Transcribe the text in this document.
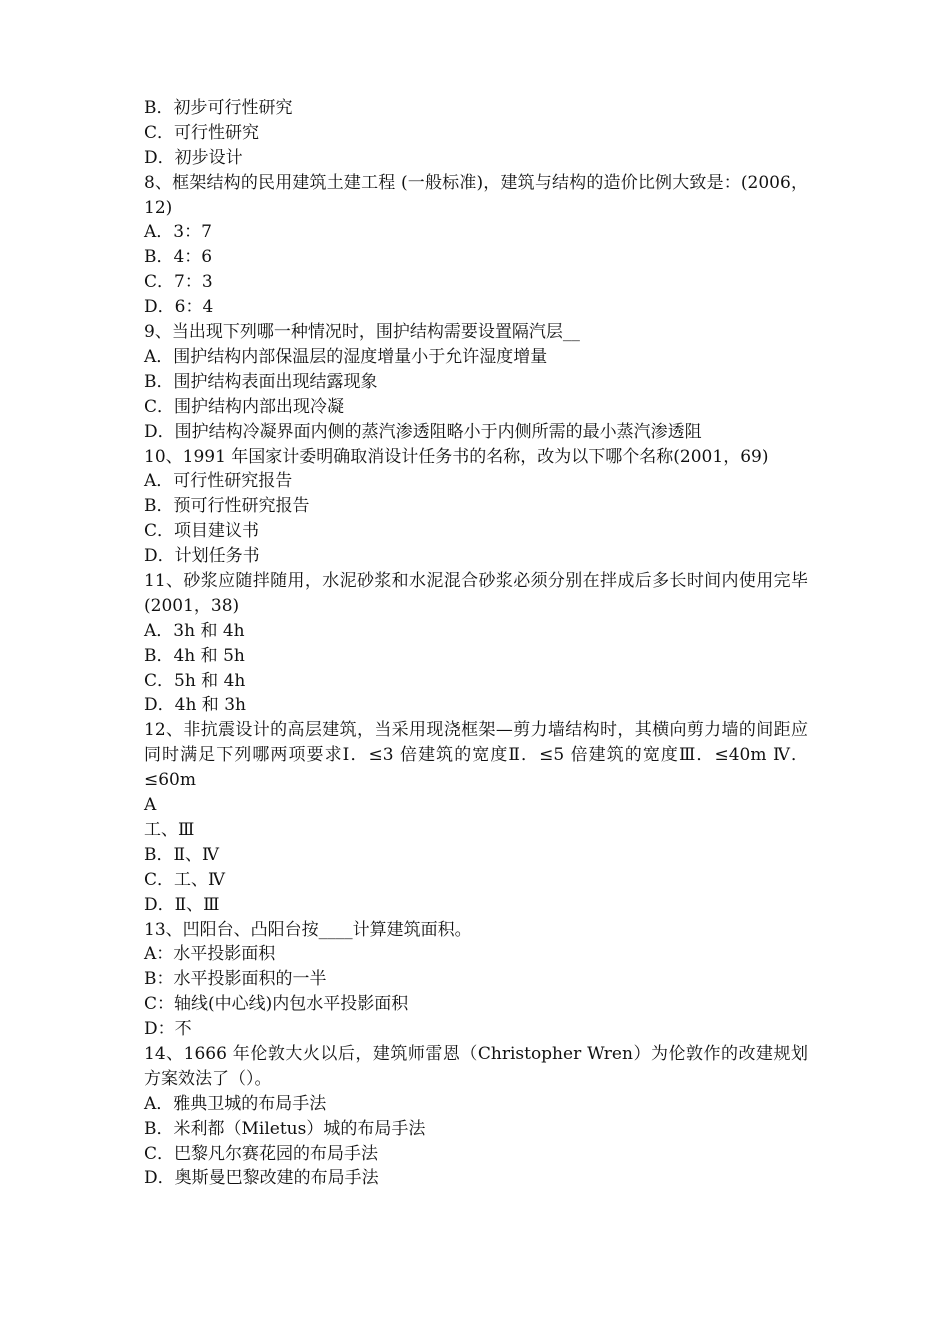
B．初步可行性研究
C．可行性研究
D．初步设计
8、框架结构的民用建筑土建工程 (一般标准)，建筑与结构的造价比例大致是：(2006，12)
A．3：7
B．4：6
C．7：3
D．6：4
9、当出现下列哪一种情况时，围护结构需要设置隔汽层__
A．围护结构内部保温层的湿度增量小于允许湿度增量
B．围护结构表面出现结露现象
C．围护结构内部出现冷凝
D．围护结构冷凝界面内侧的蒸汽渗透阻略小于内侧所需的最小蒸汽渗透阻
10、1991 年国家计委明确取消设计任务书的名称，改为以下哪个名称(2001，69)
A．可行性研究报告
B．预可行性研究报告
C．项目建议书
D．计划任务书
11、砂浆应随拌随用，水泥砂浆和水泥混合砂浆必须分别在拌成后多长时间内使用完毕(2001，38)
A．3h 和 4h
B．4h 和 5h
C．5h 和 4h
D．4h 和 3h
12、非抗震设计的高层建筑，当采用现浇框架—剪力墙结构时，其横向剪力墙的间距应同时满足下列哪两项要求Ⅰ．≤3 倍建筑的宽度Ⅱ．≤5 倍建筑的宽度Ⅲ．≤40m Ⅳ．≤60m
A
工、Ⅲ
B．Ⅱ、Ⅳ
C．工、Ⅳ
D．Ⅱ、Ⅲ
13、凹阳台、凸阳台按____计算建筑面积。
A：水平投影面积
B：水平投影面积的一半
C：轴线(中心线)内包水平投影面积
D：不
14、1666 年伦敦大火以后，建筑师雷恩（Christopher Wren）为伦敦作的改建规划方案效法了（）。
A．雅典卫城的布局手法
B．米利都（Miletus）城的布局手法
C．巴黎凡尔赛花园的布局手法
D．奥斯曼巴黎改建的布局手法
